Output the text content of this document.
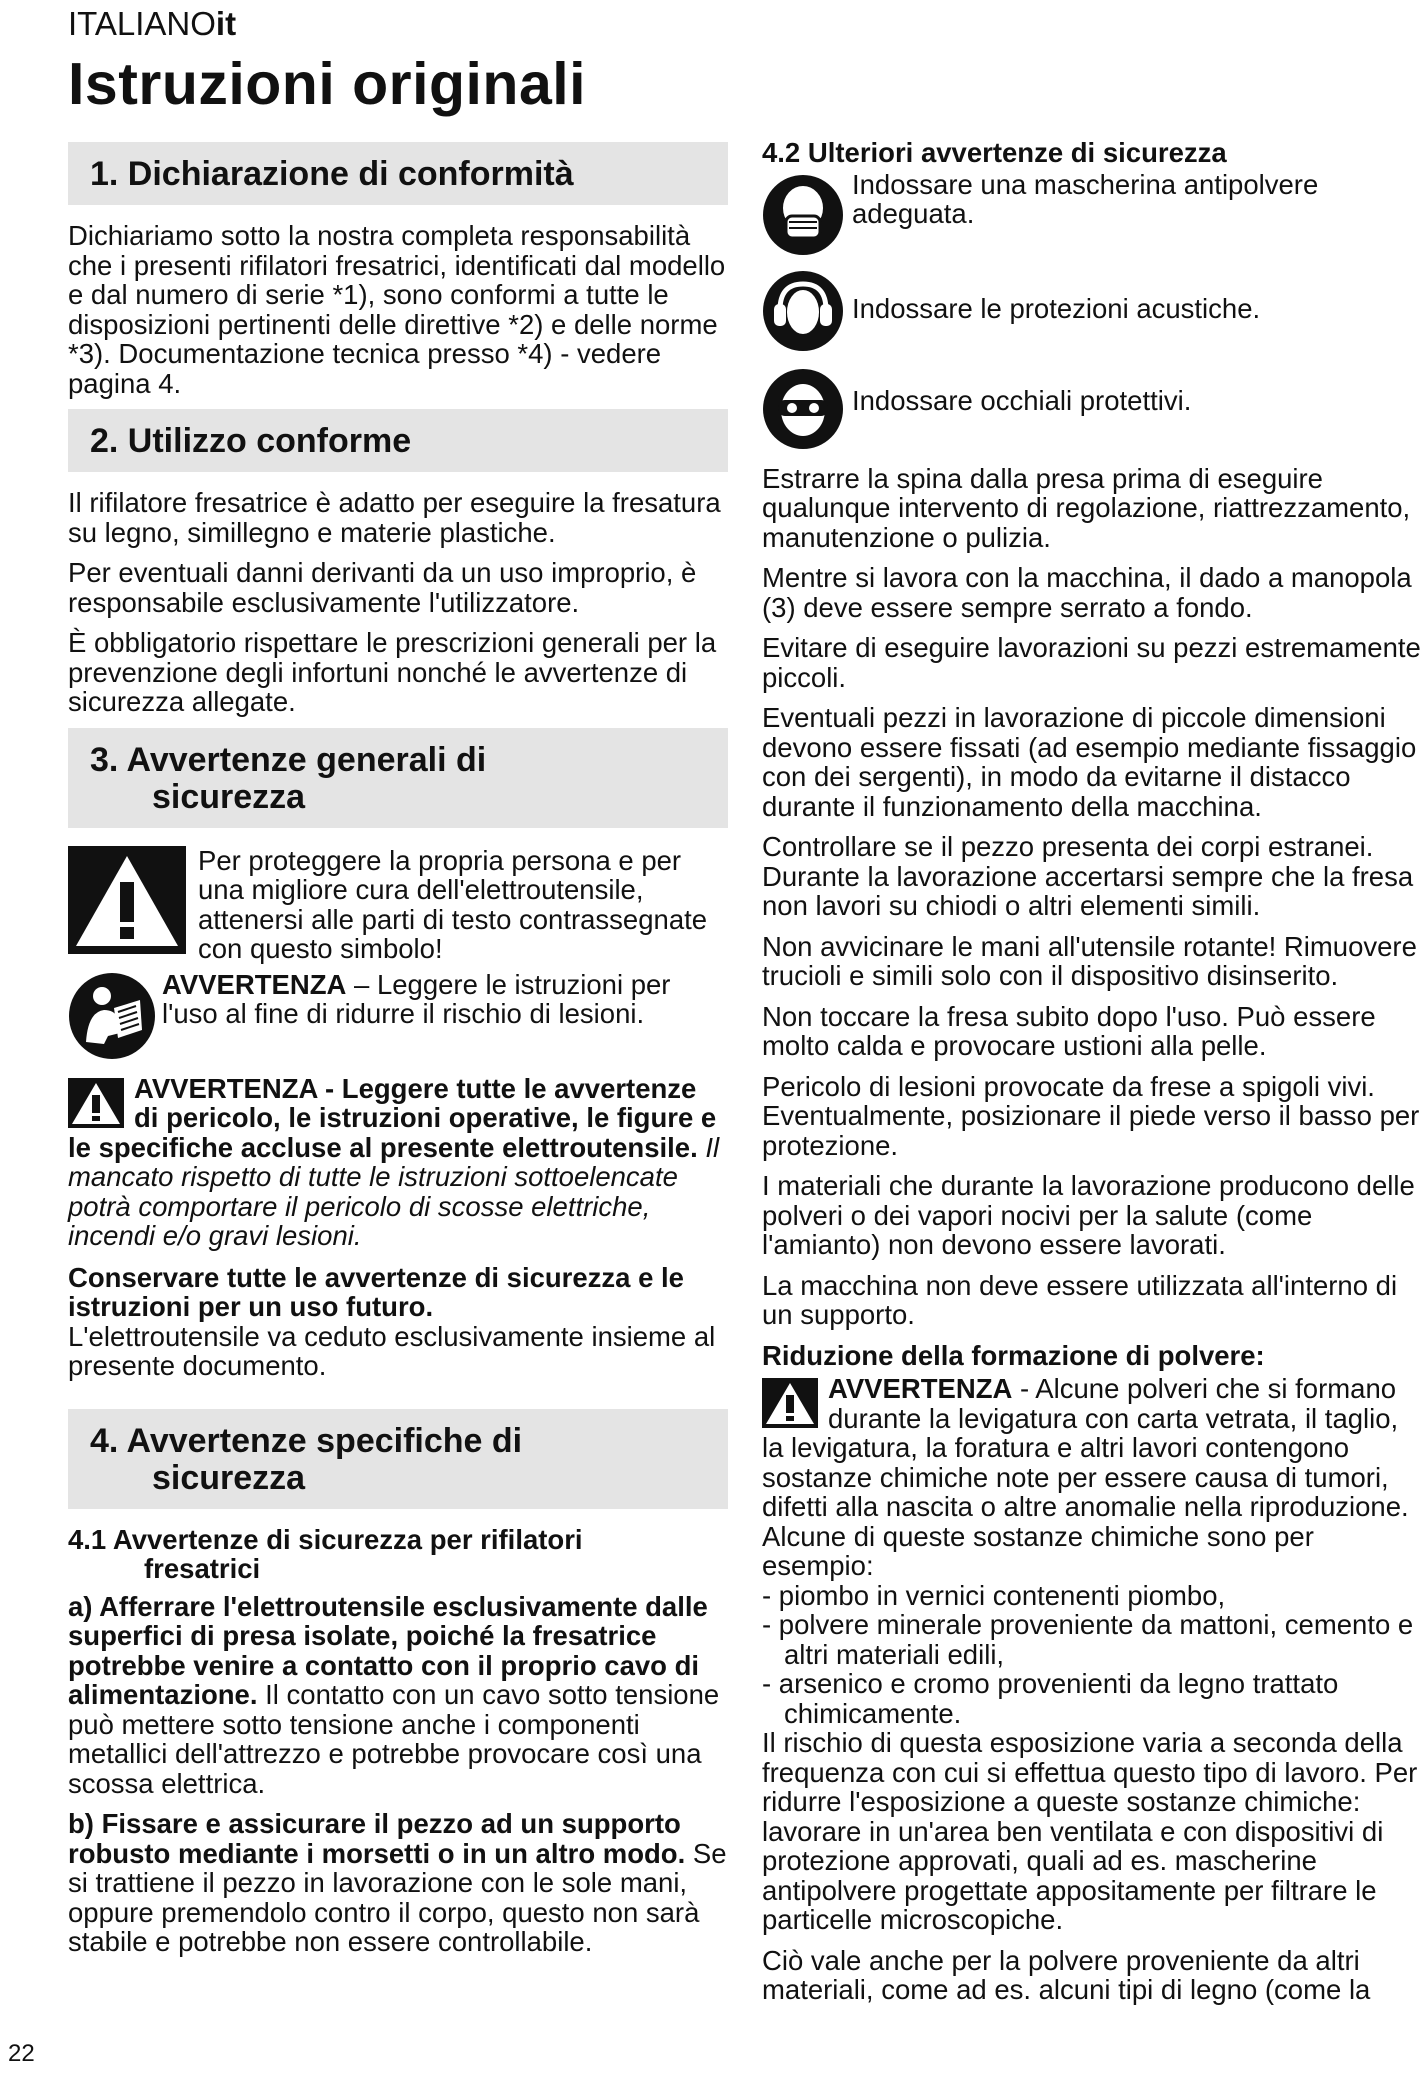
ITALIANOit
Istruzioni originali
1. Dichiarazione di conformità

Dichiariamo sotto la nostra completa responsabilità che i presenti rifilatori fresatrici, identificati dal modello e dal numero di serie *1), sono conformi a tutte le disposizioni pertinenti delle direttive *2) e delle norme *3). Documentazione tecnica presso *4) - vedere pagina 4.

2. Utilizzo conforme

Il rifilatore fresatrice è adatto per eseguire la fresatura su legno, simillegno e materie plastiche.

Per eventuali danni derivanti da un uso improprio, è responsabile esclusivamente l'utilizzatore.

È obbligatorio rispettare le prescrizioni generali per la prevenzione degli infortuni nonché le avvertenze di sicurezza allegate.

3. Avvertenze generali di
sicurezza
Per proteggere la propria persona e per una migliore cura dell'elettroutensile, attenersi alle parti di testo contrassegnate con questo simbolo!
AVVERTENZA – Leggere le istruzioni per l'uso al fine di ridurre il rischio di lesioni.

AVVERTENZA - Leggere tutte le avvertenze di pericolo, le istruzioni operative, le figure e le specifiche accluse al presente elettroutensile. Il mancato rispetto di tutte le istruzioni sottoelencate potrà comportare il pericolo di scosse elettriche, incendi e/o gravi lesioni.

Conservare tutte le avvertenze di sicurezza e le istruzioni per un uso futuro.
L'elettroutensile va ceduto esclusivamente insieme al presente documento.

4. Avvertenze specifiche di
sicurezza
4.1 Avvertenze di sicurezza per rifilatori
fresatrici

a) Afferrare l'elettroutensile esclusivamente dalle superfici di presa isolate, poiché la fresatrice potrebbe venire a contatto con il proprio cavo di alimentazione. Il contatto con un cavo sotto tensione può mettere sotto tensione anche i componenti metallici dell'attrezzo e potrebbe provocare così una scossa elettrica.

b) Fissare e assicurare il pezzo ad un supporto robusto mediante i morsetti o in un altro modo. Se si trattiene il pezzo in lavorazione con le sole mani, oppure premendolo contro il corpo, questo non sarà stabile e potrebbe non essere controllabile.

4.2 Ulteriori avvertenze di sicurezza
Indossare una mascherina antipolvere adeguata.
Indossare le protezioni acustiche.
Indossare occhiali protettivi.

Estrarre la spina dalla presa prima di eseguire qualunque intervento di regolazione, riattrezzamento, manutenzione o pulizia.

Mentre si lavora con la macchina, il dado a manopola (3) deve essere sempre serrato a fondo.

Evitare di eseguire lavorazioni su pezzi estremamente piccoli.

Eventuali pezzi in lavorazione di piccole dimensioni devono essere fissati (ad esempio mediante fissaggio con dei sergenti), in modo da evitarne il distacco durante il funzionamento della macchina.

Controllare se il pezzo presenta dei corpi estranei. Durante la lavorazione accertarsi sempre che la fresa non lavori su chiodi o altri elementi simili.

Non avvicinare le mani all'utensile rotante! Rimuovere trucioli e simili solo con il dispositivo disinserito.

Non toccare la fresa subito dopo l'uso. Può essere molto calda e provocare ustioni alla pelle.

Pericolo di lesioni provocate da frese a spigoli vivi. Eventualmente, posizionare il piede verso il basso per protezione.

I materiali che durante la lavorazione producono delle polveri o dei vapori nocivi per la salute (come l'amianto) non devono essere lavorati.

La macchina non deve essere utilizzata all'interno di un supporto.

Riduzione della formazione di polvere:

AVVERTENZA - Alcune polveri che si formano durante la levigatura con carta vetrata, il taglio, la levigatura, la foratura e altri lavori contengono sostanze chimiche note per essere causa di tumori, difetti alla nascita o altre anomalie nella riproduzione. Alcune di queste sostanze chimiche sono per esempio:

- piombo in vernici contenenti piombo,
- polvere minerale proveniente da mattoni, cemento e altri materiali edili,
- arsenico e cromo provenienti da legno trattato chimicamente.

Il rischio di questa esposizione varia a seconda della frequenza con cui si effettua questo tipo di lavoro. Per ridurre l'esposizione a queste sostanze chimiche: lavorare in un'area ben ventilata e con dispositivi di protezione approvati, quali ad es. mascherine antipolvere progettate appositamente per filtrare le particelle microscopiche.

Ciò vale anche per la polvere proveniente da altri materiali, come ad es. alcuni tipi di legno (come la

22
